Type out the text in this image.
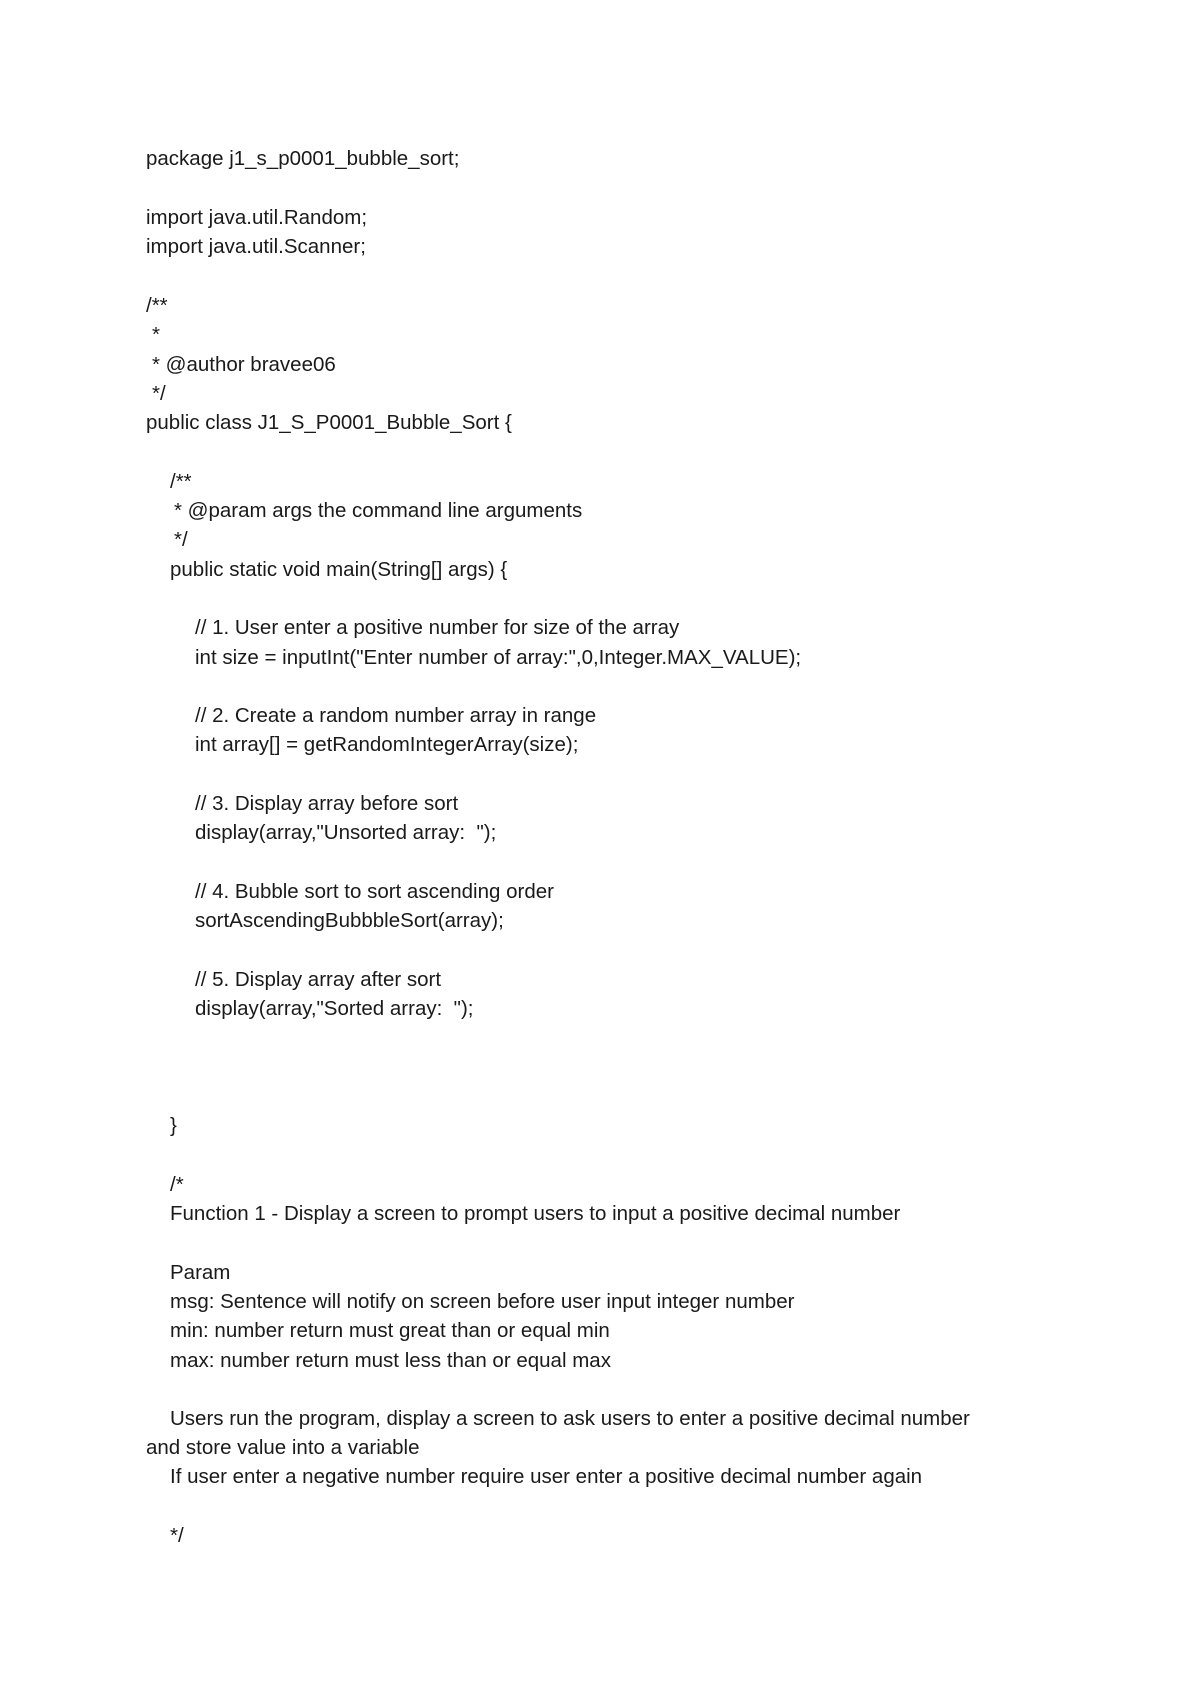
package j1_s_p0001_bubble_sort;

import java.util.Random;

import java.util.Scanner;

/**

*

* @author bravee06

*/

public class J1_S_P0001_Bubble_Sort {

/**

* @param args the command line arguments

*/

public static void main(String[] args) {

// 1. User enter a positive number for size of the array

int size = inputInt("Enter number of array:",0,Integer.MAX_VALUE);

// 2. Create a random number array in range

int array[] = getRandomIntegerArray(size);

// 3. Display array before sort

display(array,"Unsorted array:  ");

// 4. Bubble sort to sort ascending order

sortAscendingBubbbleSort(array);

// 5. Display array after sort

display(array,"Sorted array:  ");

}

/*

Function 1 - Display a screen to prompt users to input a positive decimal number

Param

msg: Sentence will notify on screen before user input integer number

min: number return must great than or equal min

max: number return must less than or equal max

Users run the program, display a screen to ask users to enter a positive decimal number

and store value into a variable

If user enter a negative number require user enter a positive decimal number again

*/
